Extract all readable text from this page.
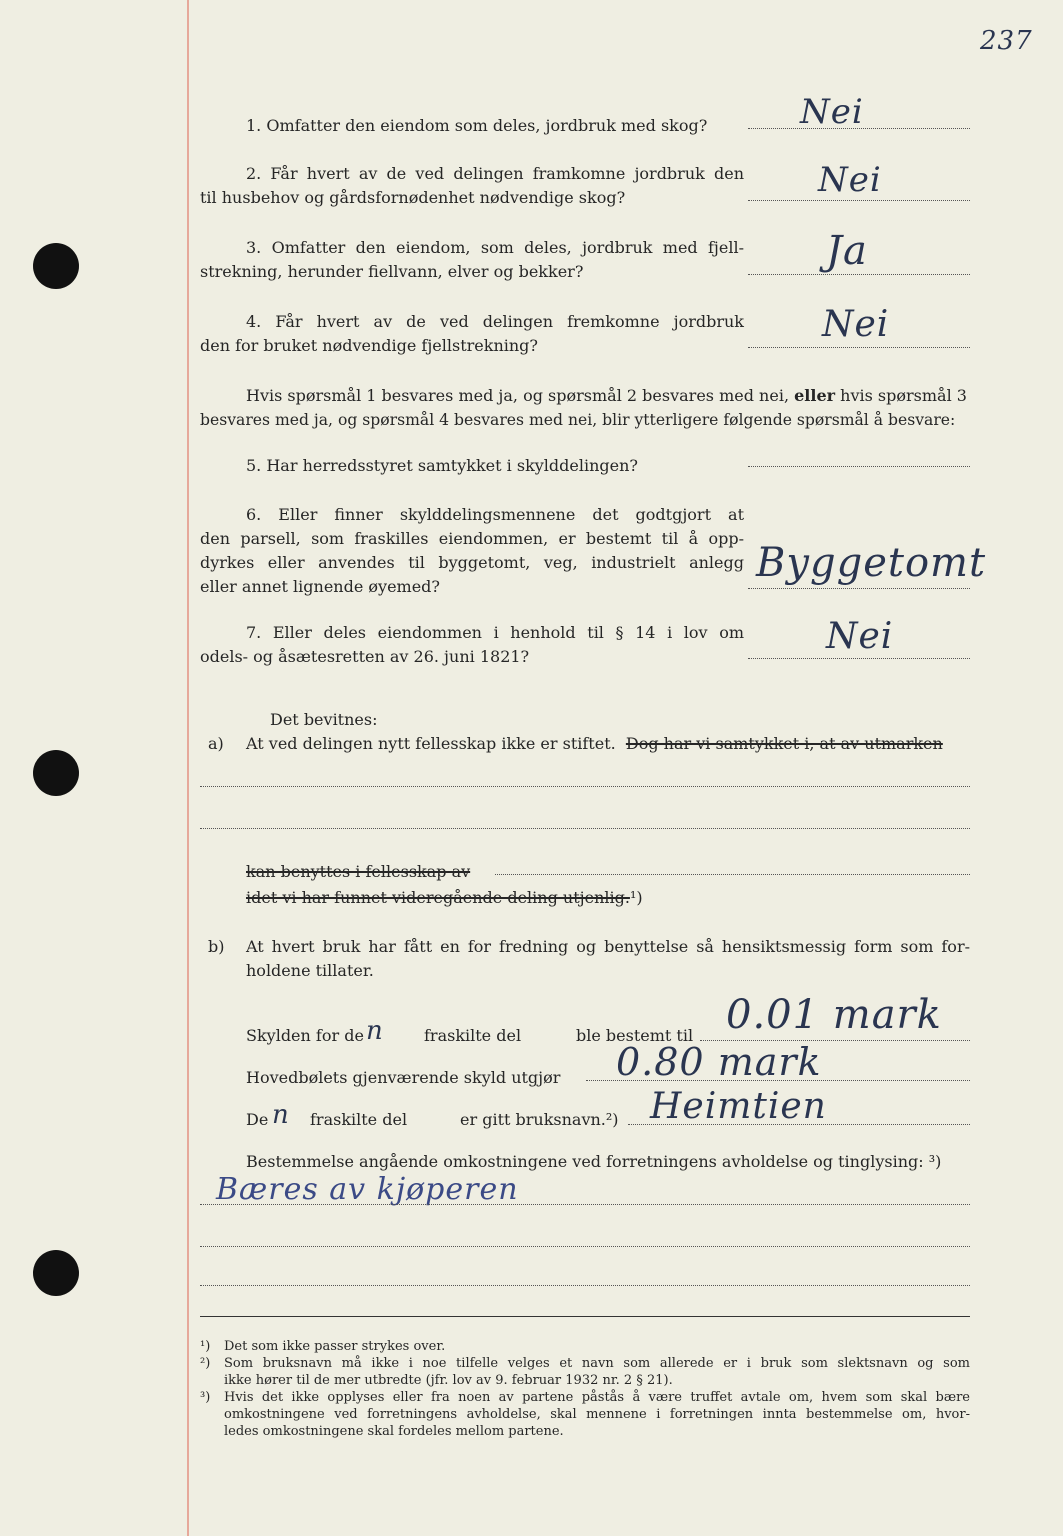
237
1. Omfatter den eiendom som deles, jordbruk med skog?	Nei
2. Får hvert av de ved delingen framkomne jordbruk den
til husbehov og gårdsfornødenhet nødvendige skog?	Nei
3. Omfatter den eiendom, som deles, jordbruk med fjell-
strekning, herunder fiellvann, elver og bekker?	Ja
4. Får hvert av de ved delingen fremkomne jordbruk
den for bruket nødvendige fjellstrekning?
Nei
Hvis spørsmål 1 besvares med ja, og spørsmål 2 besvares med nei, eller hvis spørsmål 3
besvares med ja, og spørsmål 4 besvares med nei, blir ytterligere følgende spørsmål å besvare:
5. Har herredsstyret samtykket i skylddelingen?
6. Eller finner skylddelingsmennene det godtgjort at
den parsell, som fraskilles eiendommen, er bestemt til å opp-
dyrkes eller anvendes til byggetomt, veg, industrielt anlegg
eller annet lignende øyemed?
Byggetomt
7. Eller deles eiendommen i henhold til § 14 i lov om
odels- og åsætesretten av 26. juni 1821?	Nei
Det bevitnes:
a) At ved delingen nytt fellesskap ikke er stiftet. Dog har vi samtykket i, at av utmarken
kan benyttes i fellesskap av
idet vi har funnet videregående deling utjenlig.¹)
b) At hvert bruk har fått en for fredning og benyttelse så hensiktsmessig form som for-
holdene tillater.
Skylden for de n	fraskilte del	ble bestemt til 0.01 mark
Hovedbølets gjenværende skyld utgjør 0.80 mark
De n fraskilte del	er gitt bruksnavn.²) Heimtien
Bestemmelse angående omkostningene ved forretningens avholdelse og tinglysing: ³)
Bæres av kjøperen
¹) Det som ikke passer strykes over.
²) Som bruksnavn må ikke i noe tilfelle velges et navn som allerede er i bruk som slektsnavn og som
ikke hører til de mer utbredte (jfr. lov av 9. februar 1932 nr. 2 § 21).
³) Hvis det ikke opplyses eller fra noen av partene påstås å være truffet avtale om, hvem som skal bære
omkostningene ved forretningens avholdelse, skal mennene i forretningen innta bestemmelse om, hvor-
ledes omkostningene skal fordeles mellom partene.
